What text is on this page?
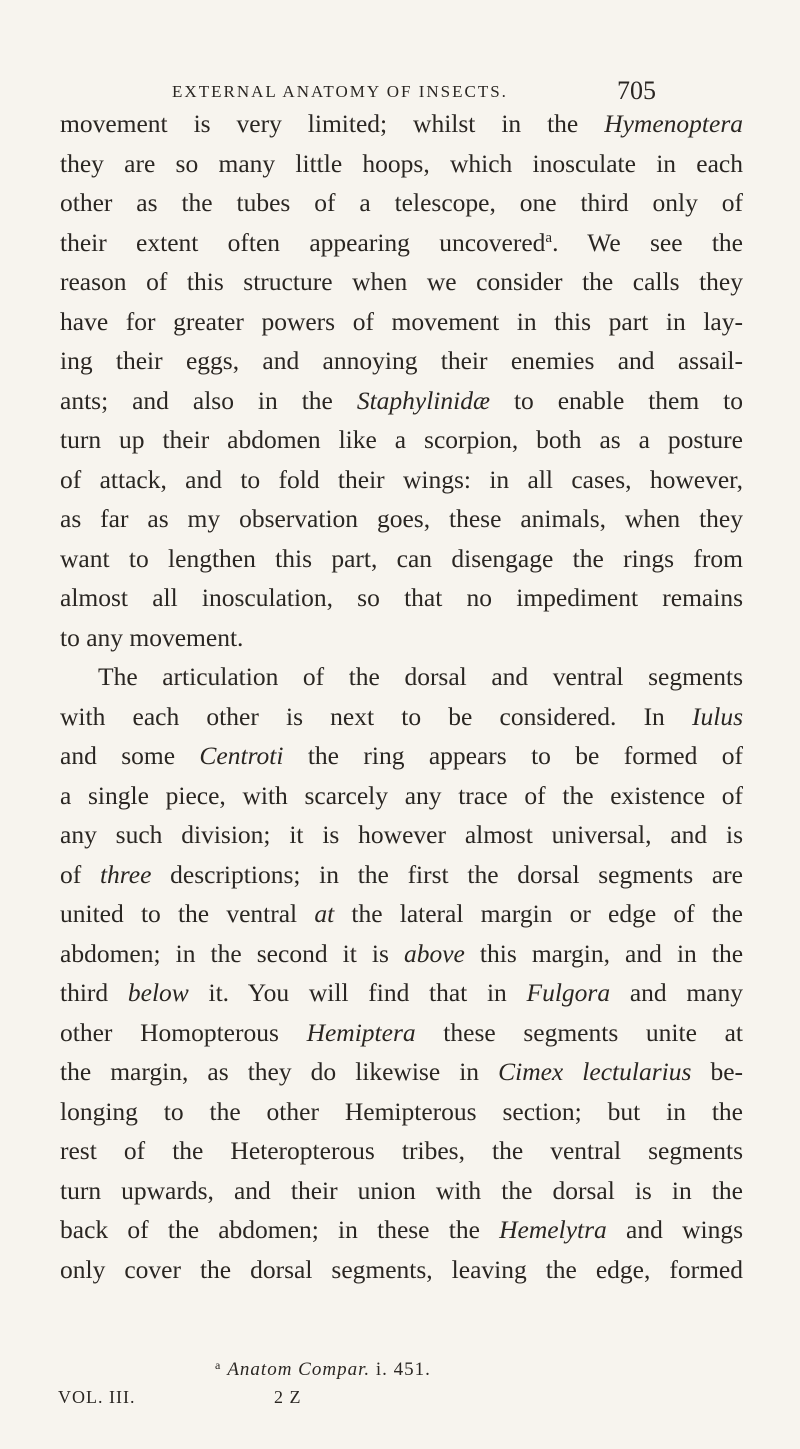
EXTERNAL ANATOMY OF INSECTS.	705
movement is very limited; whilst in the Hymenoptera
they are so many little hoops, which inosculate in each
other as the tubes of a telescope, one third only of
their extent often appearing uncovered$^a$. We see the
reason of this structure when we consider the calls they
have for greater powers of movement in this part in lay-
ing their eggs, and annoying their enemies and assail-
ants; and also in the Staphylinidæ to enable them to
turn up their abdomen like a scorpion, both as a posture
of attack, and to fold their wings: in all cases, however,
as far as my observation goes, these animals, when they
want to lengthen this part, can disengage the rings from
almost all inosculation, so that no impediment remains
to any movement.
The articulation of the dorsal and ventral segments
with each other is next to be considered. In Iulus
and some Centroti the ring appears to be formed of
a single piece, with scarcely any trace of the existence of
any such division; it is however almost universal, and is
of three descriptions; in the first the dorsal segments are
united to the ventral at the lateral margin or edge of the
abdomen; in the second it is above this margin, and in the
third below it. You will find that in Fulgora and many
other Homopterous Hemiptera these segments unite at
the margin, as they do likewise in Cimex lectularius be-
longing to the other Hemipterous section; but in the
rest of the Heteropterous tribes, the ventral segments
turn upwards, and their union with the dorsal is in the
back of the abdomen; in these the Hemelytra and wings
only cover the dorsal segments, leaving the edge, formed
$^a$ Anatom Compar. i. 451.
VOL. III.	2 Z
